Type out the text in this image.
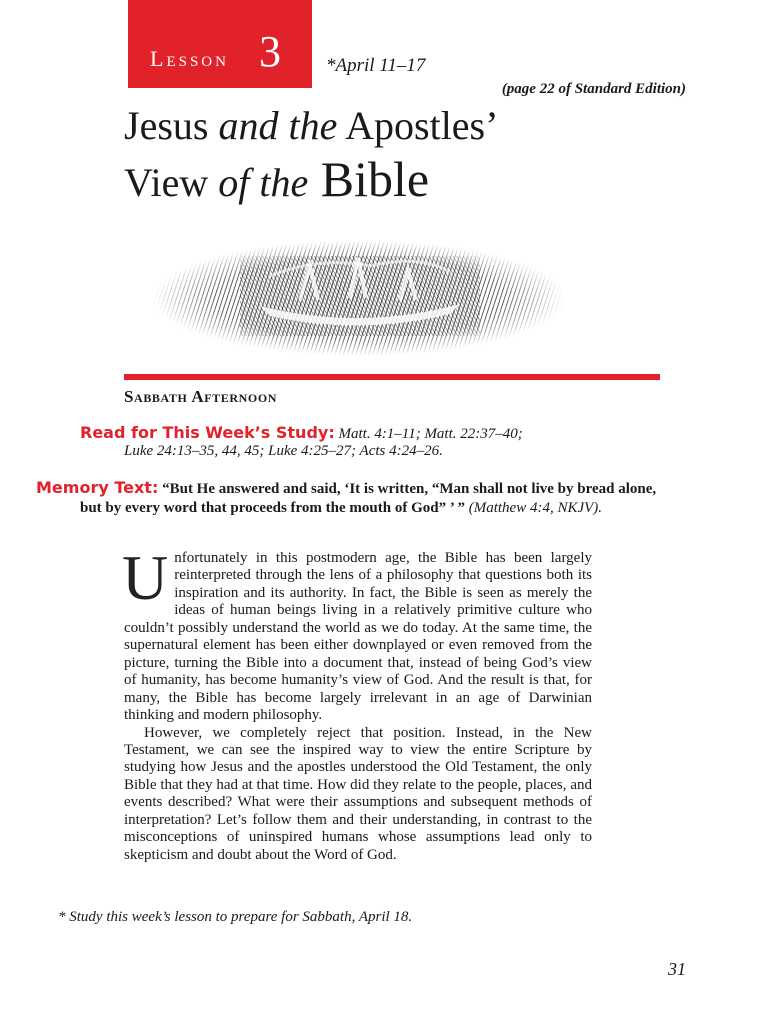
Lesson 3 *April 11–17
(page 22 of Standard Edition)
Jesus and the Apostles’
View of the Bible
Sabbath Afternoon
Read for This Week’s Study: Matt. 4:1–11; Matt. 22:37–40;
Luke 24:13–35, 44, 45; Luke 4:25–27; Acts 4:24–26.
Memory Text: “But He answered and said, ‘It is written, “Man shall not live by bread alone, but by every word that proceeds from the mouth of God” ’ ” (Matthew 4:4, NKJV).

Unfortunately in this postmodern age, the Bible has been largely reinterpreted through the lens of a philosophy that questions both its inspiration and its authority. In fact, the Bible is seen as merely the ideas of human beings living in a relatively primitive culture who couldn’t possibly understand the world as we do today. At the same time, the supernatural element has been either downplayed or even removed from the picture, turning the Bible into a document that, instead of being God’s view of humanity, has become humanity’s view of God. And the result is that, for many, the Bible has become largely irrelevant in an age of Darwinian thinking and modern philosophy.

However, we completely reject that position. Instead, in the New Testament, we can see the inspired way to view the entire Scripture by studying how Jesus and the apostles understood the Old Testament, the only Bible that they had at that time. How did they relate to the people, places, and events described? What were their assumptions and subsequent methods of interpretation? Let’s follow them and their understanding, in contrast to the misconceptions of uninspired humans whose assumptions lead only to skepticism and doubt about the Word of God.

* Study this week’s lesson to prepare for Sabbath, April 18.
31
